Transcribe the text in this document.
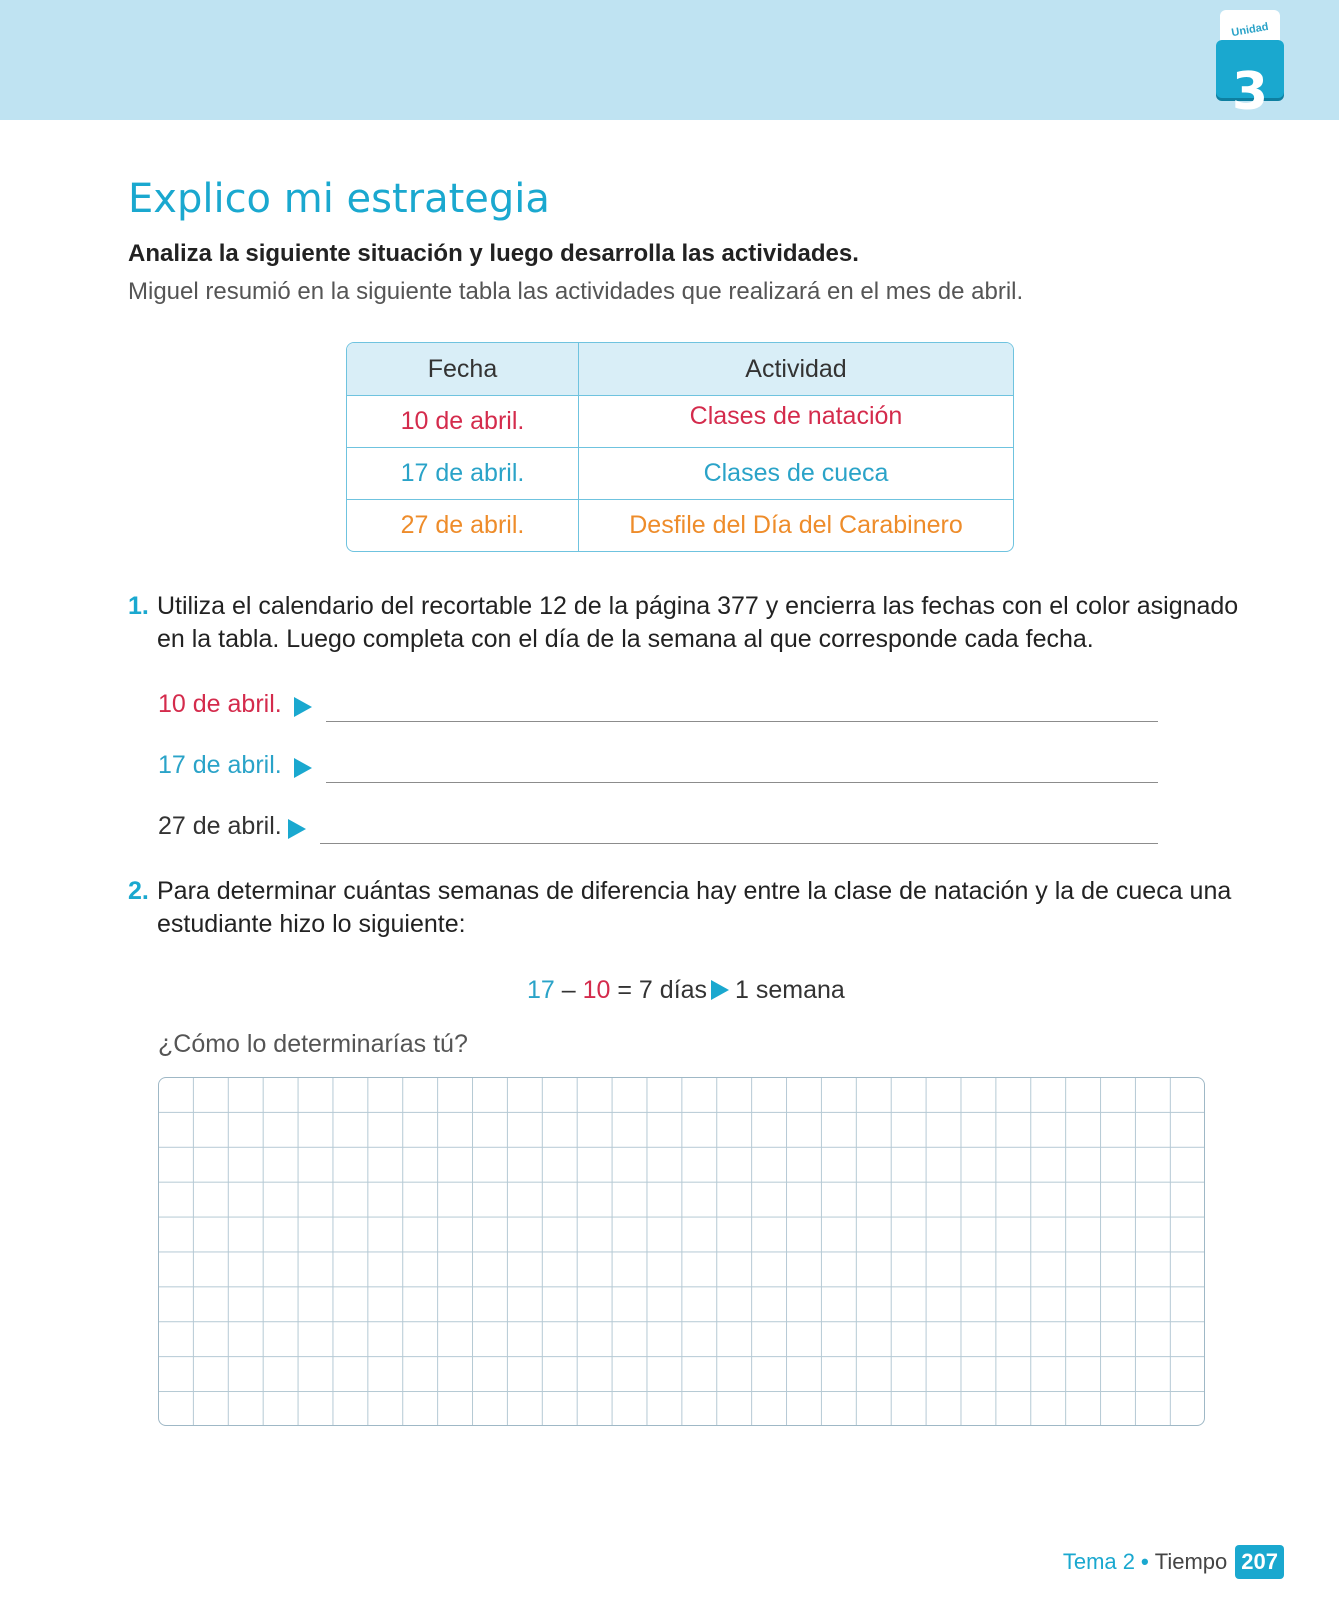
Unidad
3
Explico mi estrategia
Analiza la siguiente situación y luego desarrolla las actividades.
Miguel resumió en la siguiente tabla las actividades que realizará en el mes de abril.
Fecha	Actividad
10 de abril.	Clases de natación
17 de abril.	Clases de cueca
27 de abril.	Desfile del Día del Carabinero
1. Utiliza el calendario del recortable 12 de la página 377 y encierra las fechas con el color asignado en la tabla. Luego completa con el día de la semana al que corresponde cada fecha.
10 de abril.
17 de abril.
27 de abril.
2. Para determinar cuántas semanas de diferencia hay entre la clase de natación y la de cueca una estudiante hizo lo siguiente:
17 – 10 = 7 días 1 semana
¿Cómo lo determinarías tú?
Tema 2 • Tiempo 207
